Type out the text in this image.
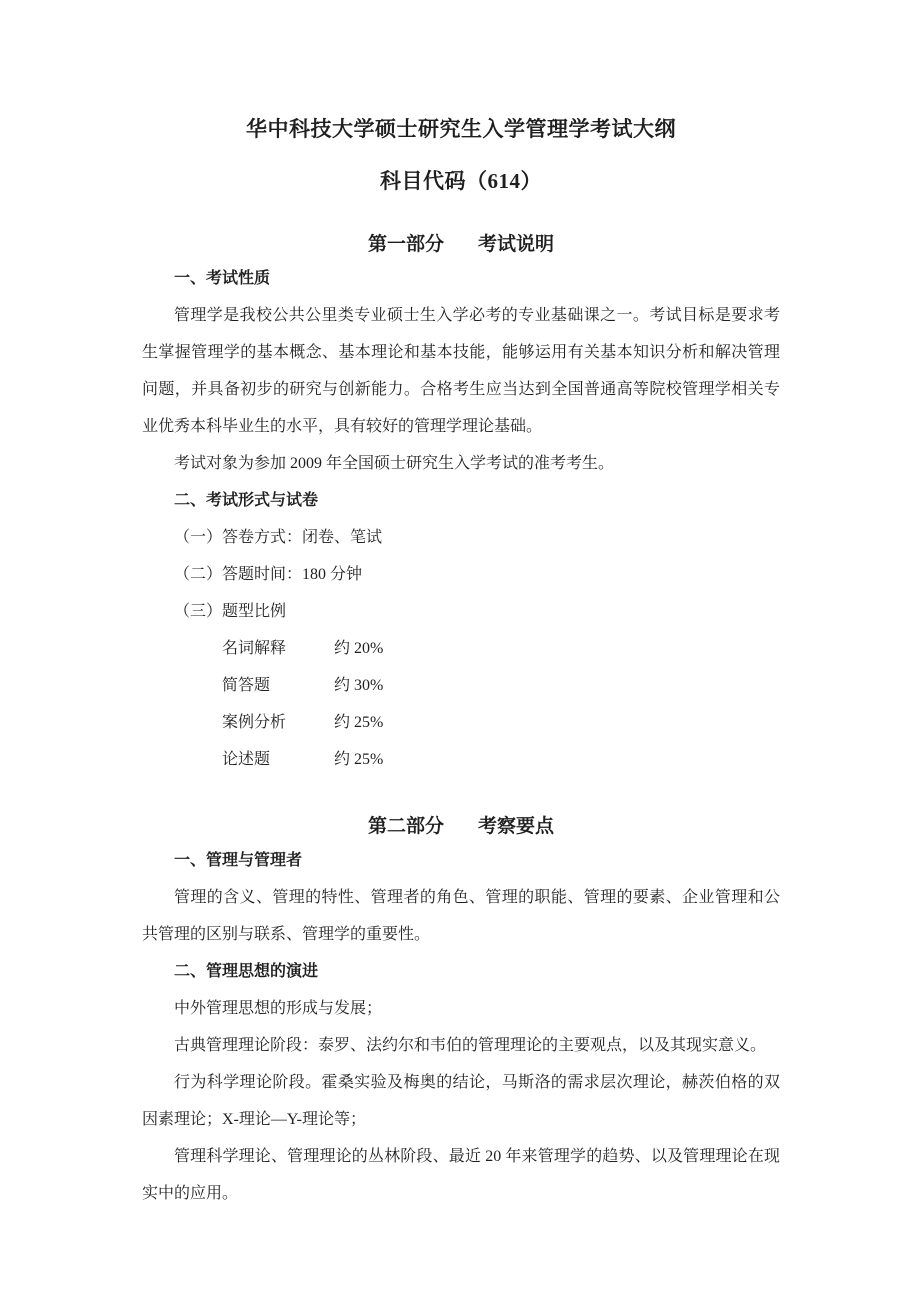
华中科技大学硕士研究生入学管理学考试大纲
科目代码（614）
第一部分 考试说明
一、考试性质

管理学是我校公共公里类专业硕士生入学必考的专业基础课之一。考试目标是要求考生掌握管理学的基本概念、基本理论和基本技能，能够运用有关基本知识分析和解决管理问题，并具备初步的研究与创新能力。合格考生应当达到全国普通高等院校管理学相关专业优秀本科毕业生的水平，具有较好的管理学理论基础。

考试对象为参加 2009 年全国硕士研究生入学考试的准考考生。

二、考试形式与试卷
（一）答卷方式：闭卷、笔试
（二）答题时间：180 分钟
（三）题型比例
名词解释	约 20%
简答题	约 30%
案例分析	约 25%
论述题	约 25%
第二部分 考察要点
一、管理与管理者

管理的含义、管理的特性、管理者的角色、管理的职能、管理的要素、企业管理和公共管理的区别与联系、管理学的重要性。

二、管理思想的演进

中外管理思想的形成与发展；

古典管理理论阶段：泰罗、法约尔和韦伯的管理理论的主要观点，以及其现实意义。

行为科学理论阶段。霍桑实验及梅奥的结论，马斯洛的需求层次理论，赫茨伯格的双因素理论；X-理论—Y-理论等；

管理科学理论、管理理论的丛林阶段、最近 20 年来管理学的趋势、以及管理理论在现实中的应用。
